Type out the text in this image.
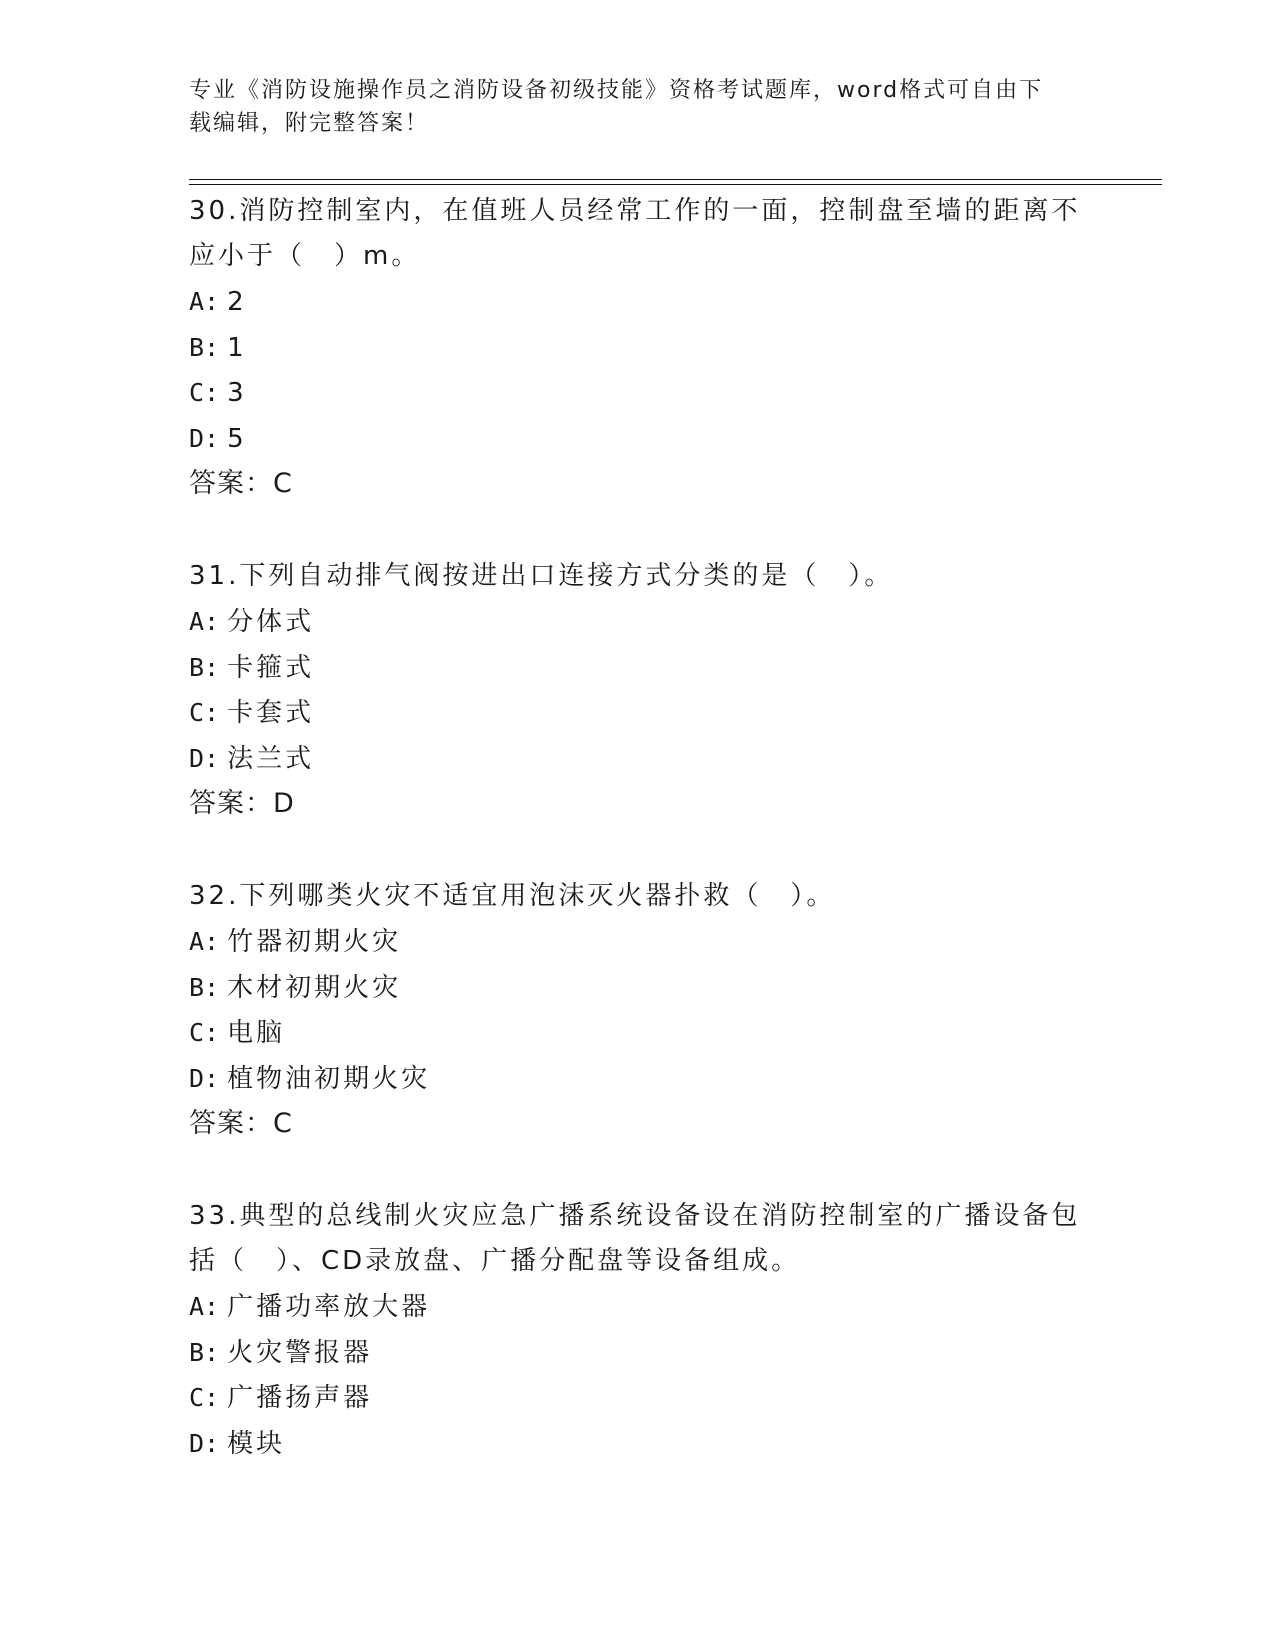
专业《消防设施操作员之消防设备初级技能》资格考试题库，word格式可自由下
载编辑，附完整答案！
30.消防控制室内，在值班人员经常工作的一面，控制盘至墙的距离不
应小于（　）m。
A: 2
B: 1
C: 3
D: 5
答案：C
31.下列自动排气阀按进出口连接方式分类的是（　）。
A: 分体式
B: 卡箍式
C: 卡套式
D: 法兰式
答案：D
32.下列哪类火灾不适宜用泡沫灭火器扑救（　）。
A: 竹器初期火灾
B: 木材初期火灾
C: 电脑
D: 植物油初期火灾
答案：C
33.典型的总线制火灾应急广播系统设备设在消防控制室的广播设备包
括（　）、CD录放盘、广播分配盘等设备组成。
A: 广播功率放大器
B: 火灾警报器
C: 广播扬声器
D: 模块
